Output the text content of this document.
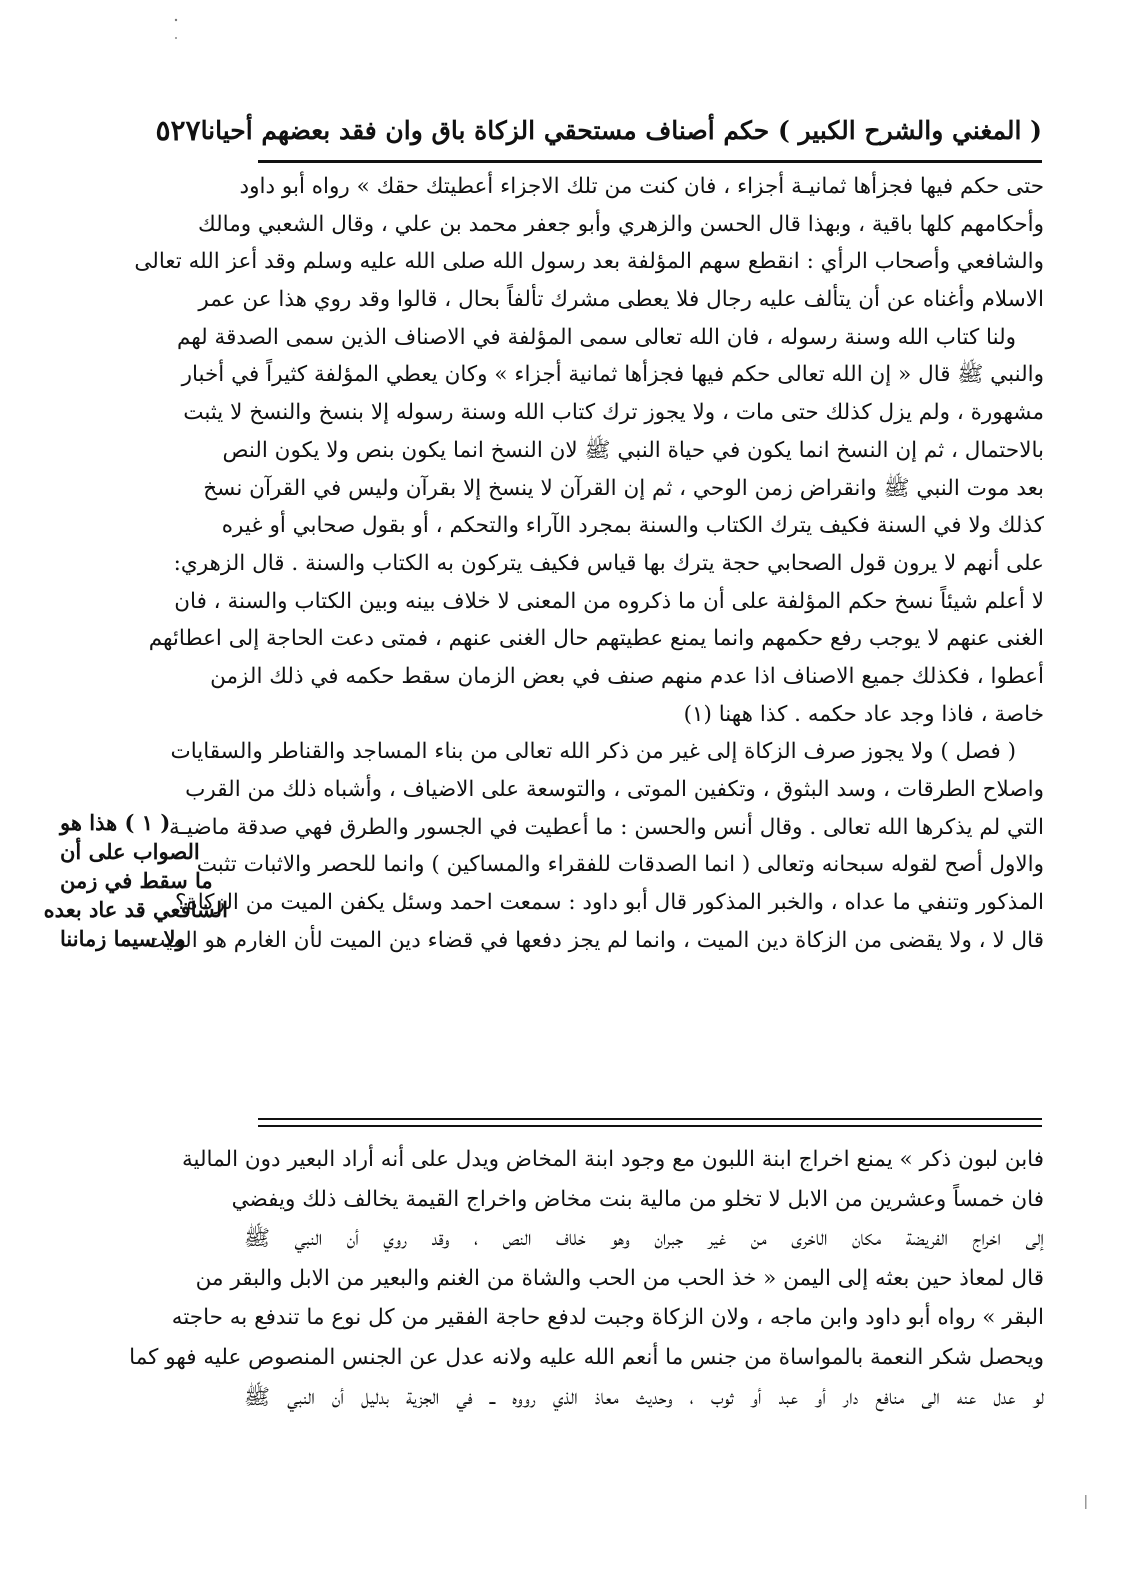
( المغني والشرح الكبير ) حكم أصناف مستحقي الزكاة باق وان فقد بعضهم أحيانا
٥٢٧
حتى حكم فيها فجزأها ثمانيـة أجزاء ، فان كنت من تلك الاجزاء أعطيتك حقك » رواه أبو داود
وأحكامهم كلها باقية ، وبهذا قال الحسن والزهري وأبو جعفر محمد بن علي ، وقال الشعبي ومالك
والشافعي وأصحاب الرأي : انقطع سهم المؤلفة بعد رسول الله صلى الله عليه وسلم وقد أعز الله تعالى
الاسلام وأغناه عن أن يتألف عليه رجال فلا يعطى مشرك تألفاً بحال ، قالوا وقد روي هذا عن عمر
ولنا كتاب الله وسنة رسوله ، فان الله تعالى سمى المؤلفة في الاصناف الذين سمى الصدقة لهم
والنبي ﷺ قال « إن الله تعالى حكم فيها فجزأها ثمانية أجزاء » وكان يعطي المؤلفة كثيراً في أخبار
مشهورة ، ولم يزل كذلك حتى مات ، ولا يجوز ترك كتاب الله وسنة رسوله إلا بنسخ والنسخ لا يثبت
بالاحتمال ، ثم إن النسخ انما يكون في حياة النبي ﷺ لان النسخ انما يكون بنص ولا يكون النص
بعد موت النبي ﷺ وانقراض زمن الوحي ، ثم إن القرآن لا ينسخ إلا بقرآن وليس في القرآن نسخ
كذلك ولا في السنة فكيف يترك الكتاب والسنة بمجرد الآراء والتحكم ، أو بقول صحابي أو غيره
على أنهم لا يرون قول الصحابي حجة يترك بها قياس فكيف يتركون به الكتاب والسنة . قال الزهري:
لا أعلم شيئاً نسخ حكم المؤلفة على أن ما ذكروه من المعنى لا خلاف بينه وبين الكتاب والسنة ، فان
الغنى عنهم لا يوجب رفع حكمهم وانما يمنع عطيتهم حال الغنى عنهم ، فمتى دعت الحاجة إلى اعطائهم
أعطوا ، فكذلك جميع الاصناف اذا عدم منهم صنف في بعض الزمان سقط حكمه في ذلك الزمن
خاصة ، فاذا وجد عاد حكمه . كذا ههنا (١)
( فصل ) ولا يجوز صرف الزكاة إلى غير من ذكر الله تعالى من بناء المساجد والقناطر والسقايات
واصلاح الطرقات ، وسد البثوق ، وتكفين الموتى ، والتوسعة على الاضياف ، وأشباه ذلك من القرب
التي لم يذكرها الله تعالى . وقال أنس والحسن : ما أعطيت في الجسور والطرق فهي صدقة ماضيـة
والاول أصح لقوله سبحانه وتعالى ( انما الصدقات للفقراء والمساكين ) وانما للحصر والاثبات تثبت
المذكور وتنفي ما عداه ، والخبر المذكور قال أبو داود : سمعت احمد وسئل يكفن الميت من الزكاة؟
قال لا ، ولا يقضى من الزكاة دين الميت ، وانما لم يجز دفعها في قضاء دين الميت لأن الغارم هو الميت
فابن لبون ذكر » يمنع اخراج ابنة اللبون مع وجود ابنة المخاض ويدل على أنه أراد البعير دون المالية
فان خمساً وعشرين من الابل لا تخلو من مالية بنت مخاض واخراج القيمة يخالف ذلك ويفضي
إلى اخراج الفريضة مكان الاخرى من غير جبران وهو خلاف النص ، وقد روي أن النبي ﷺ
قال لمعاذ حين بعثه إلى اليمن « خذ الحب من الحب والشاة من الغنم والبعير من الابل والبقر من
البقر » رواه أبو داود وابن ماجه ، ولان الزكاة وجبت لدفع حاجة الفقير من كل نوع ما تندفع به حاجته
ويحصل شكر النعمة بالمواساة من جنس ما أنعم الله عليه ولانه عدل عن الجنس المنصوص عليه فهو كما
لو عدل عنه الى منافع دار أو عبد أو ثوب ، وحديث معاذ الذي رووه ــ في الجزية بدليل أن النبي ﷺ
( ١ ) هذا هو
الصواب على أن
ما سقط في زمن
الشافعي قد عاد بعده
ولا سيما زماننا
